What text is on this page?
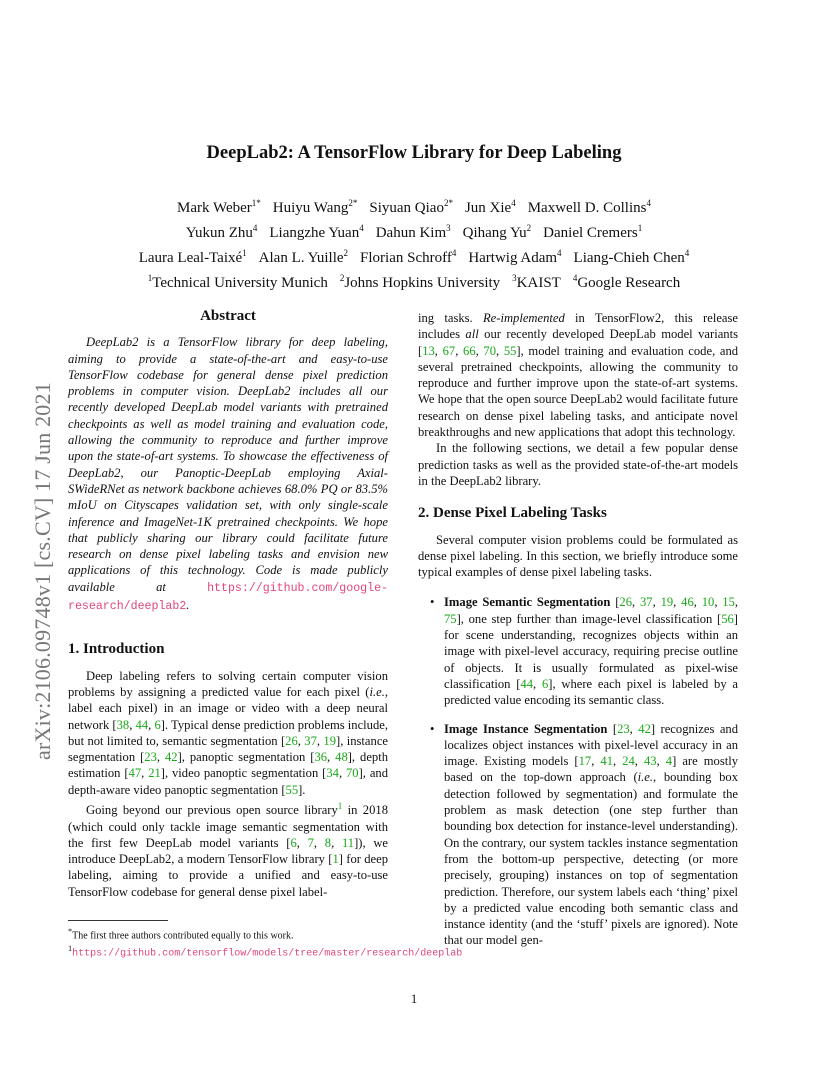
DeepLab2: A TensorFlow Library for Deep Labeling
Mark Weber$^{1*}$ Huiyu Wang$^{2*}$ Siyuan Qiao$^{2*}$ Jun Xie$^4$ Maxwell D. Collins$^4$
Yukun Zhu$^4$ Liangzhe Yuan$^4$ Dahun Kim$^3$ Qihang Yu$^2$ Daniel Cremers$^1$
Laura Leal-Taixé$^1$ Alan L. Yuille$^2$ Florian Schroff$^4$ Hartwig Adam$^4$ Liang-Chieh Chen$^4$
$^1$Technical University Munich $^2$Johns Hopkins University $^3$KAIST $^4$Google Research
arXiv:2106.09748v1 [cs.CV] 17 Jun 2021
Abstract
DeepLab2 is a TensorFlow library for deep labeling, aiming to provide a state-of-the-art and easy-to-use TensorFlow codebase for general dense pixel prediction problems in computer vision. DeepLab2 includes all our recently developed DeepLab model variants with pretrained checkpoints as well as model training and evaluation code, allowing the community to reproduce and further improve upon the state-of-art systems. To showcase the effectiveness of DeepLab2, our Panoptic-DeepLab employing Axial-SWideRNet as network backbone achieves 68.0% PQ or 83.5% mIoU on Cityscapes validation set, with only single-scale inference and ImageNet-1K pretrained checkpoints. We hope that publicly sharing our library could facilitate future research on dense pixel labeling tasks and envision new applications of this technology. Code is made publicly available at	https://github.com/google-research/deeplab2.
1. Introduction

Deep labeling refers to solving certain computer vision problems by assigning a predicted value for each pixel (i.e., label each pixel) in an image or video with a deep neural network [38, 44, 6]. Typical dense prediction problems include, but not limited to, semantic segmentation [26, 37, 19], instance segmentation [23, 42], panoptic segmentation [36, 48], depth estimation [47, 21], video panoptic segmentation [34, 70], and depth-aware video panoptic segmentation [55].

Going beyond our previous open source library$^1$ in 2018 (which could only tackle image semantic segmentation with the first few DeepLab model variants [6, 7, 8, 11]), we introduce DeepLab2, a modern TensorFlow library [1] for deep labeling, aiming to provide a unified and easy-to-use TensorFlow codebase for general dense pixel label-

*The first three authors contributed equally to this work.
$^1$https://github.com/tensorflow/models/tree/master/research/deeplab

ing tasks. Re-implemented in TensorFlow2, this release includes all our recently developed DeepLab model variants [13, 67, 66, 70, 55], model training and evaluation code, and several pretrained checkpoints, allowing the community to reproduce and further improve upon the state-of-art systems. We hope that the open source DeepLab2 would facilitate future research on dense pixel labeling tasks, and anticipate novel breakthroughs and new applications that adopt this technology.

In the following sections, we detail a few popular dense prediction tasks as well as the provided state-of-the-art models in the DeepLab2 library.

2. Dense Pixel Labeling Tasks

Several computer vision problems could be formulated as dense pixel labeling. In this section, we briefly introduce some typical examples of dense pixel labeling tasks.

• Image Semantic Segmentation [26, 37, 19, 46, 10, 15, 75], one step further than image-level classification [56] for scene understanding, recognizes objects within an image with pixel-level accuracy, requiring precise outline of objects. It is usually formulated as pixel-wise classification [44, 6], where each pixel is labeled by a predicted value encoding its semantic class.
• Image Instance Segmentation [23, 42] recognizes and localizes object instances with pixel-level accuracy in an image. Existing models [17, 41, 24, 43, 4] are mostly based on the top-down approach (i.e., bounding box detection followed by segmentation) and formulate the problem as mask detection (one step further than bounding box detection for instance-level understanding). On the contrary, our system tackles instance segmentation from the bottom-up perspective, detecting (or more precisely, grouping) instances on top of segmentation prediction. Therefore, our system labels each ‘thing’ pixel by a predicted value encoding both semantic class and instance identity (and the ‘stuff’ pixels are ignored). Note that our model gen-
1
